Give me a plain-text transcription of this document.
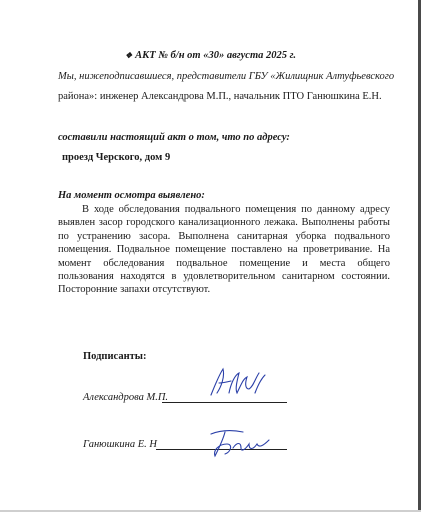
❖ АКТ № б/н от «30» августа 2025 г.
Мы, нижеподписавшиеся, представители ГБУ «Жилищник Алтуфьевского
района»: инженер Александрова М.П., начальник ПТО Ганюшкина Е.Н.
составили настоящий акт о том, что по адресу:
проезд Черского, дом 9
На момент осмотра выявлено:

В ходе обследования подвального помещения по данному адресу выявлен засор городского канализационного лежака. Выполнены работы по устранению засора. Выполнена санитарная уборка подвального помещения. Подвальное помещение поставлено на проветривание. На момент обследования подвальное помещение и места общего пользования находятся в удовлетворительном санитарном состоянии. Посторонние запахи отсутствуют.

Подписанты:
Александрова М.П.
Ганюшкина Е. Н
